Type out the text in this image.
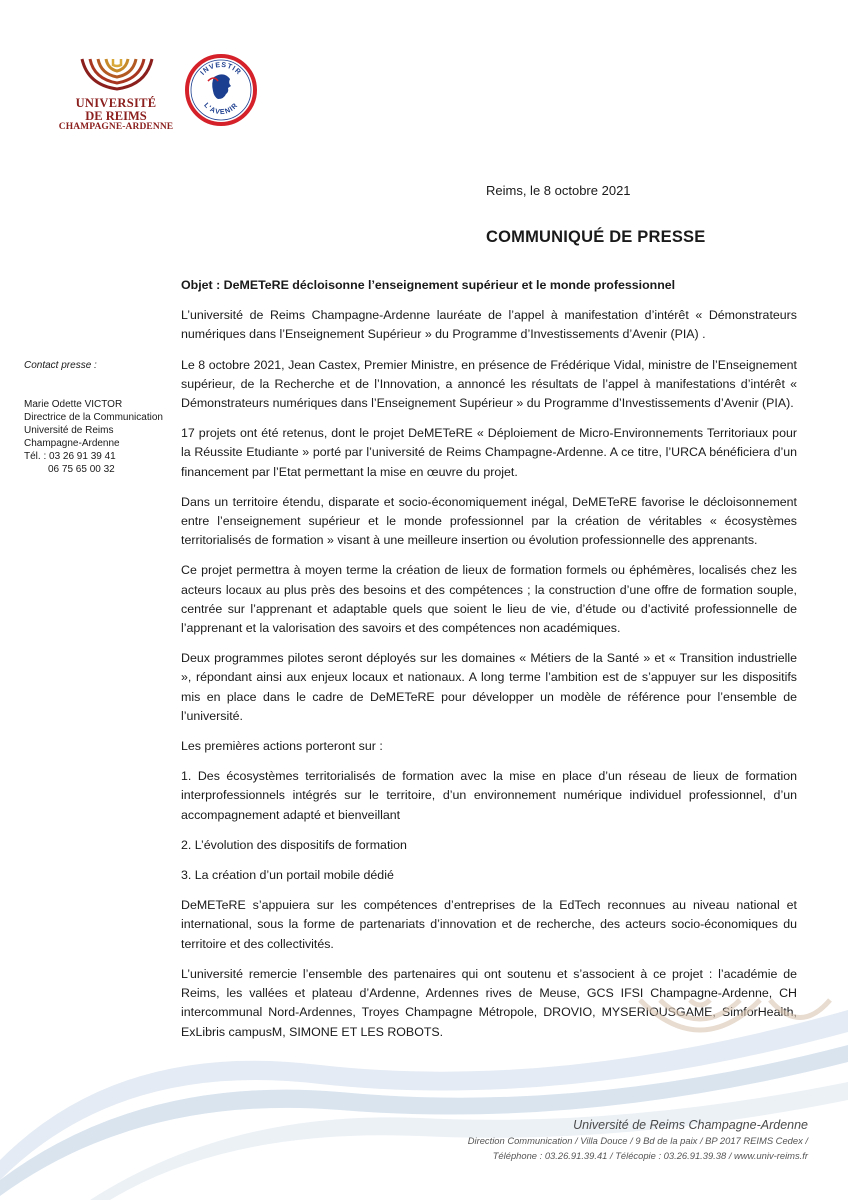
UNIVERSITÉ
DE REIMS
CHAMPAGNE-ARDENNE
INVESTIR
L'AVENIR
Reims, le 8 octobre 2021
COMMUNIQUÉ DE PRESSE
Contact presse :
Marie Odette VICTOR
Directrice de la Communication
Université de Reims
Champagne-Ardenne
Tél. : 03 26 91 39 41
06 75 65 00 32

Objet : DeMETeRE décloisonne l’enseignement supérieur et le monde professionnel

L’université de Reims Champagne-Ardenne lauréate de l’appel à manifestation d’intérêt « Démonstrateurs numériques dans l’Enseignement Supérieur » du Programme d’Investissements d’Avenir (PIA) .

Le 8 octobre 2021, Jean Castex, Premier Ministre, en présence de Frédérique Vidal, ministre de l’Enseignement supérieur, de la Recherche et de l’Innovation, a annoncé les résultats de l’appel à manifestations d’intérêt « Démonstrateurs numériques dans l’Enseignement Supérieur » du Programme d’Investissements d’Avenir (PIA).

17 projets ont été retenus, dont le projet DeMETeRE « Déploiement de Micro-Environnements Territoriaux pour la Réussite Etudiante » porté par l’université de Reims Champagne-Ardenne. A ce titre, l’URCA bénéficiera d’un financement par l’Etat permettant la mise en œuvre du projet.

Dans un territoire étendu, disparate et socio-économiquement inégal, DeMETeRE favorise le décloisonnement entre l’enseignement supérieur et le monde professionnel par la création de véritables « écosystèmes territorialisés de formation » visant à une meilleure insertion ou évolution professionnelle des apprenants.

Ce projet permettra à moyen terme la création de lieux de formation formels ou éphémères, localisés chez les acteurs locaux au plus près des besoins et des compétences ; la construction d’une offre de formation souple, centrée sur l’apprenant et adaptable quels que soient le lieu de vie, d’étude ou d’activité professionnelle de l’apprenant et la valorisation des savoirs et des compétences non académiques.

Deux programmes pilotes seront déployés sur les domaines « Métiers de la Santé » et « Transition industrielle », répondant ainsi aux enjeux locaux et nationaux. A long terme l’ambition est de s’appuyer sur les dispositifs mis en place dans le cadre de DeMETeRE pour développer un modèle de référence pour l’ensemble de l’université.

Les premières actions porteront sur :

1. Des écosystèmes territorialisés de formation avec la mise en place d’un réseau de lieux de formation interprofessionnels intégrés sur le territoire, d’un environnement numérique individuel professionnel, d’un accompagnement adapté et bienveillant

2. L’évolution des dispositifs de formation

3. La création d’un portail mobile dédié

DeMETeRE s’appuiera sur les compétences d’entreprises de la EdTech reconnues au niveau national et international, sous la forme de partenariats d’innovation et de recherche, des acteurs socio-économiques du territoire et des collectivités.

L’université remercie l’ensemble des partenaires qui ont soutenu et s’associent à ce projet : l’académie de Reims, les vallées et plateau d’Ardenne, Ardennes rives de Meuse, GCS IFSI Champagne-Ardenne, CH intercommunal Nord-Ardennes, Troyes Champagne Métropole, DROVIO, MYSERIOUSGAME, SimforHealth, ExLibris campusM, SIMONE ET LES ROBOTS.

Université de Reims Champagne-Ardenne
Direction Communication / Villa Douce / 9 Bd de la paix / BP 2017 REIMS Cedex /
Téléphone : 03.26.91.39.41 / Télécopie : 03.26.91.39.38 / www.univ-reims.fr
